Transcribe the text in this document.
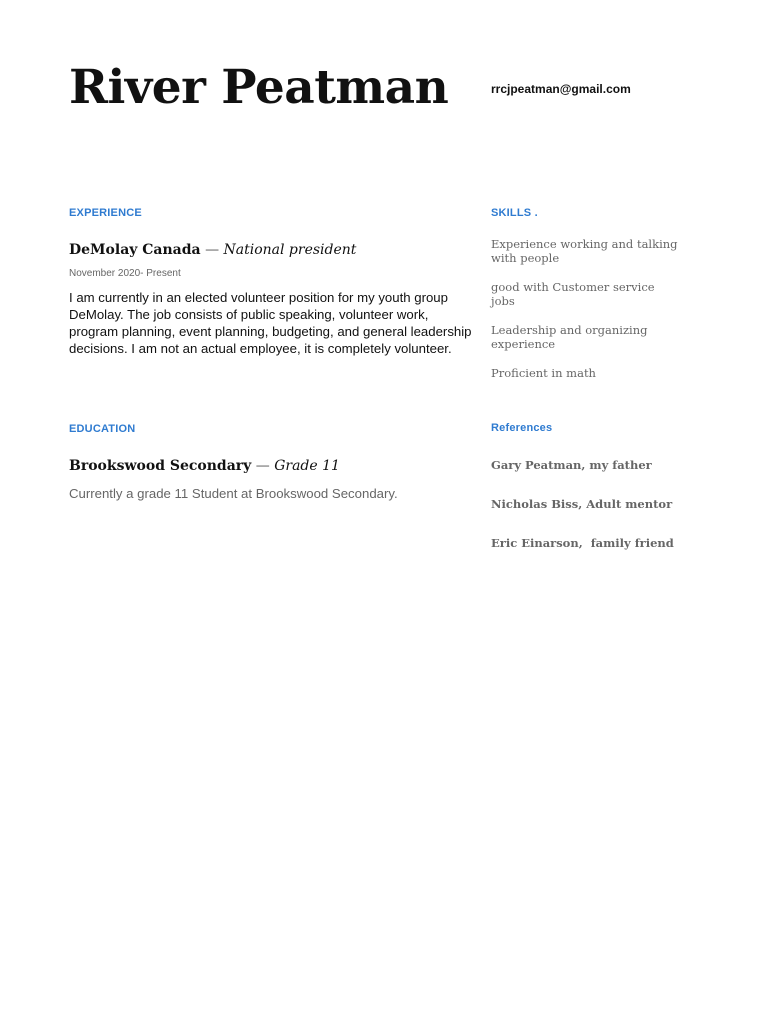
River Peatman	rrcjpeatman@gmail.com
EXPERIENCE
DeMolay Canada — National president
November 2020- Present

I am currently in an elected volunteer position for my youth group DeMolay. The job consists of public speaking, volunteer work, program planning, event planning, budgeting, and general leadership decisions. I am not an actual employee, it is completely volunteer.

EDUCATION
Brookswood Secondary — Grade 11

Currently a grade 11 Student at Brookswood Secondary.

SKILLS .
Experience working and talking with people
good with Customer service jobs
Leadership and organizing experience
Proficient in math
References
Gary Peatman, my father
Nicholas Biss, Adult mentor
Eric Einarson,  family friend
